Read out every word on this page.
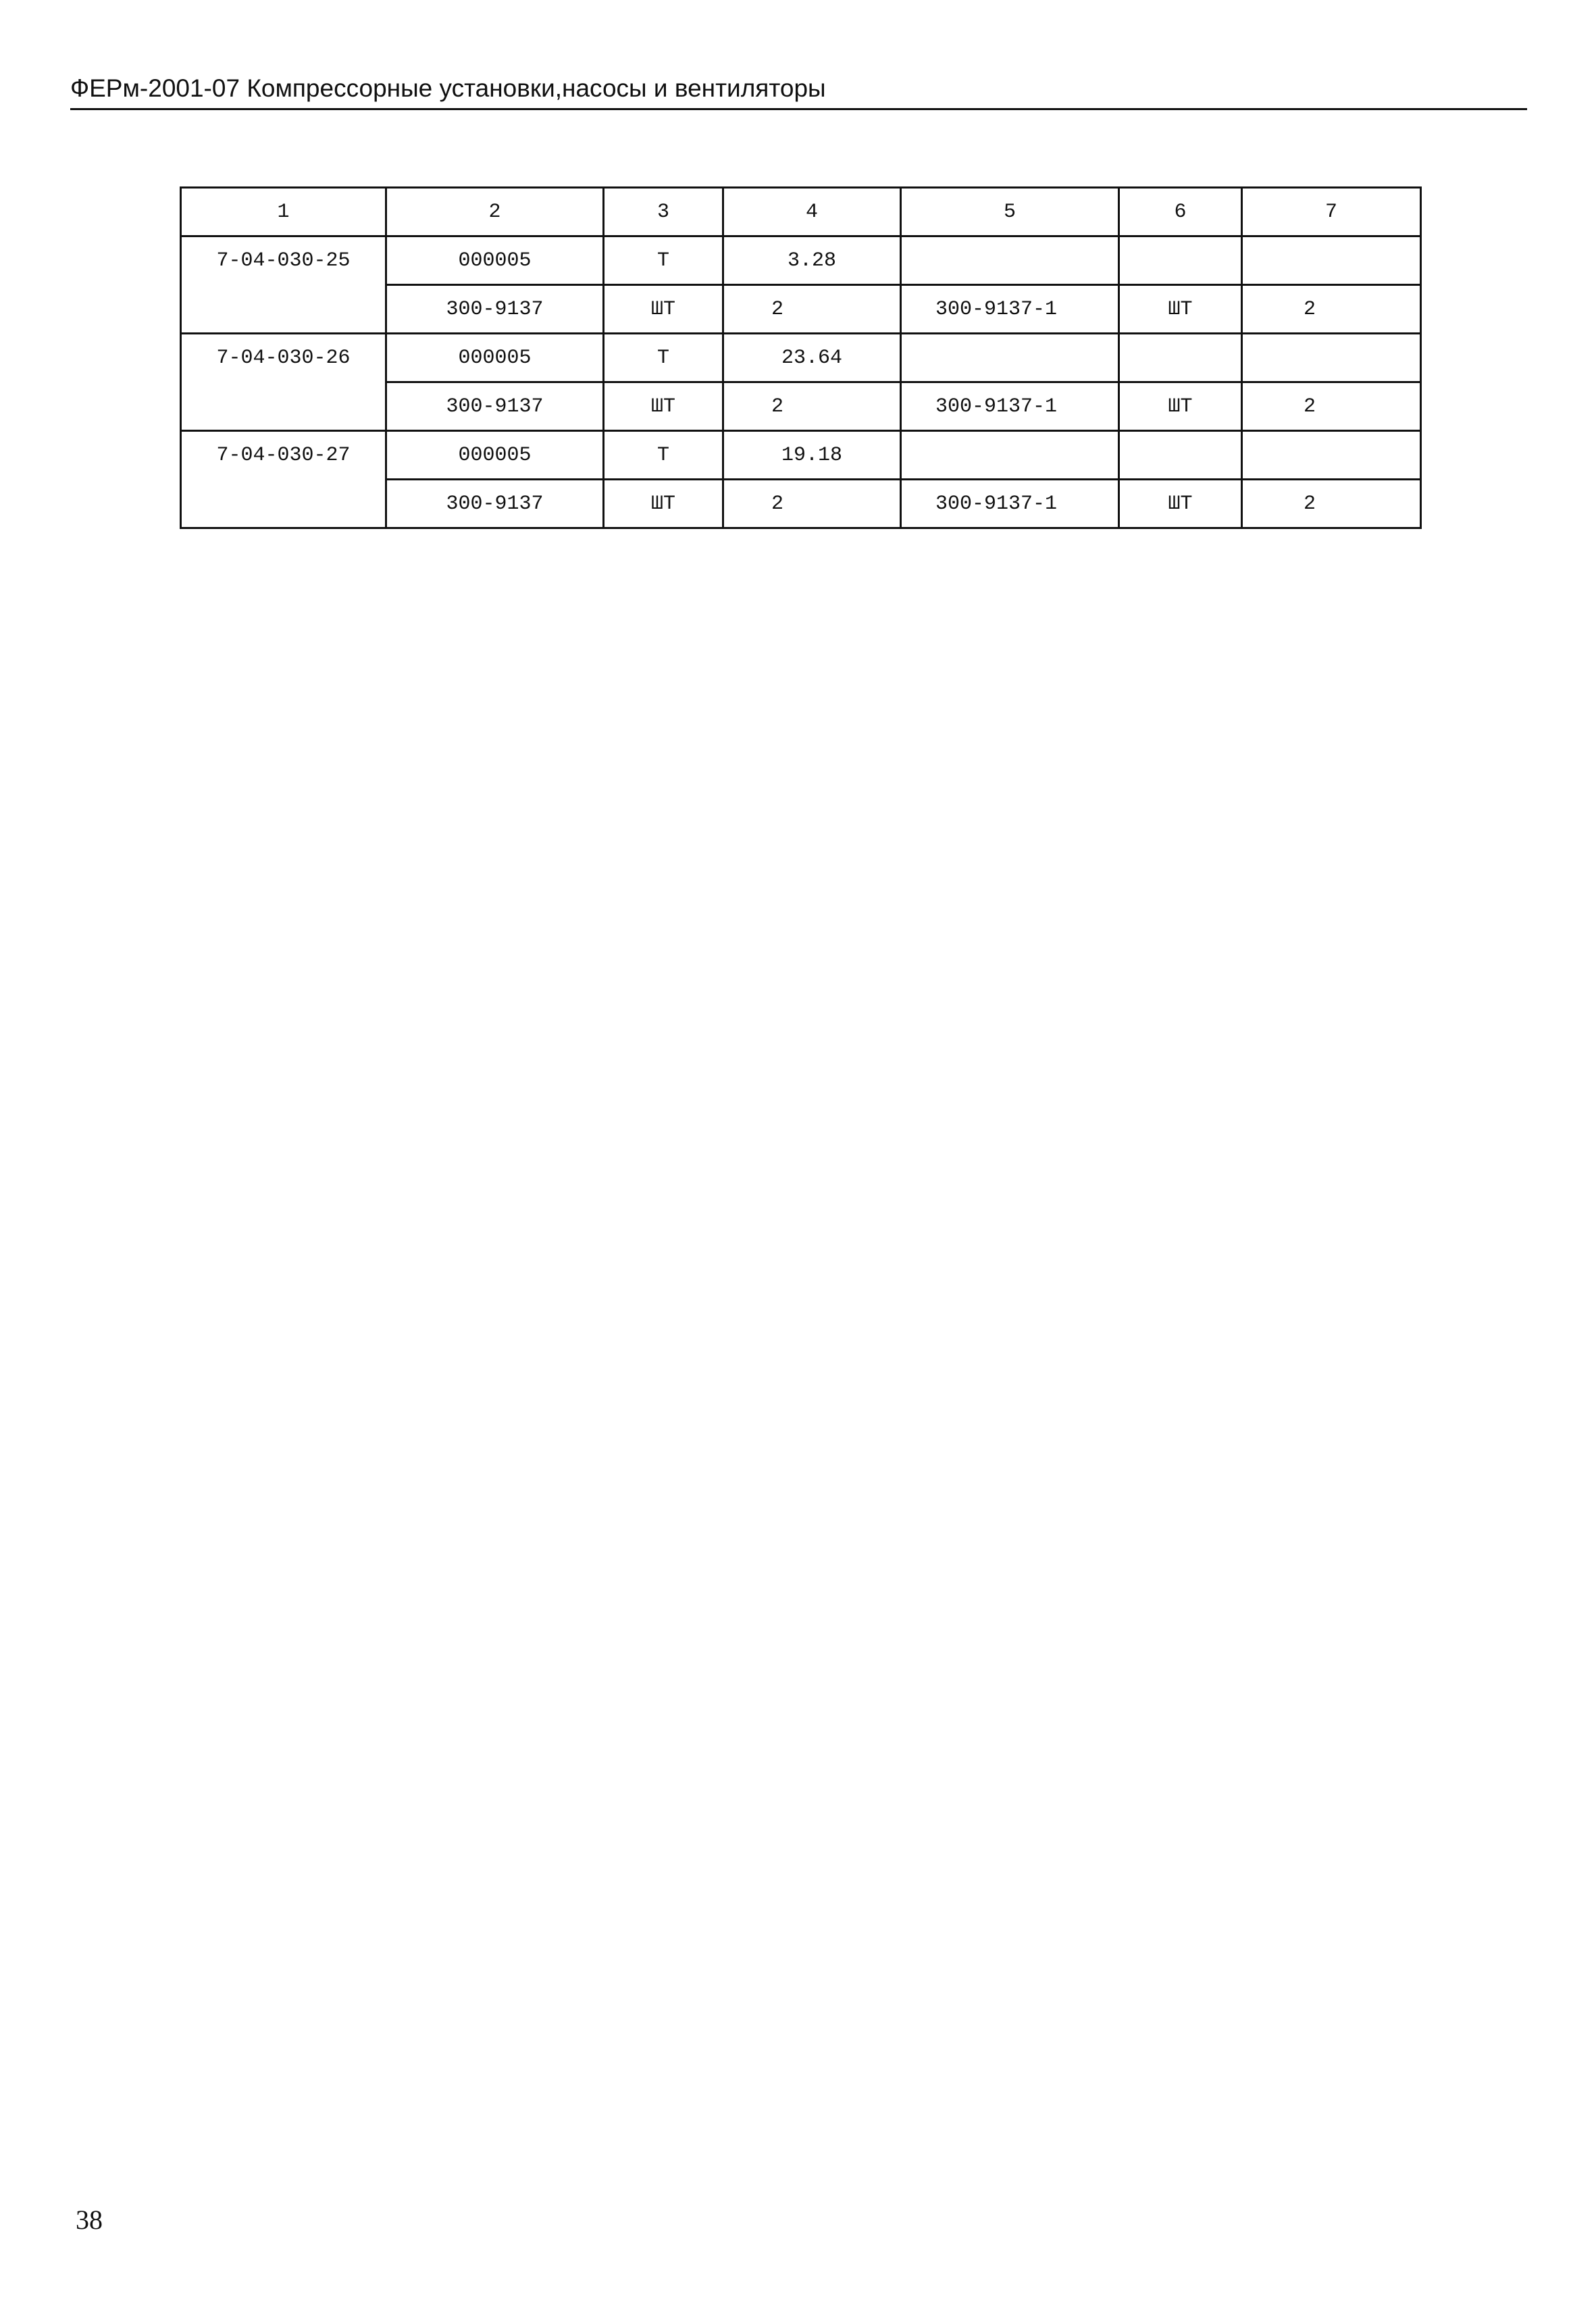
ФЕРм-2001-07 Компрессорные установки,насосы и вентиляторы
1	2	3	4	5	6	7
7-04-030-25	000005	Т	3.28			
	300-9137	ШТ	2	300-9137-1	ШТ	2
7-04-030-26	000005	Т	23.64			
	300-9137	ШТ	2	300-9137-1	ШТ	2
7-04-030-27	000005	Т	19.18			
	300-9137	ШТ	2	300-9137-1	ШТ	2
38
